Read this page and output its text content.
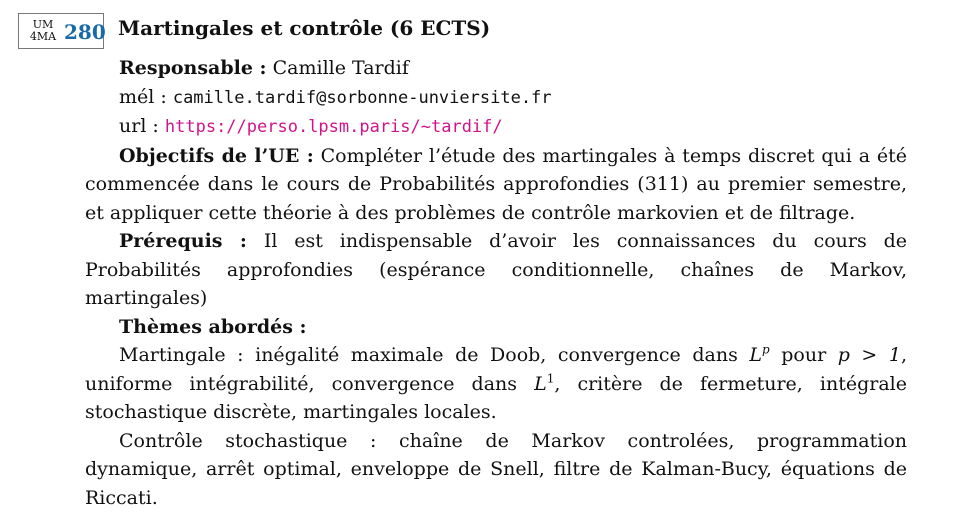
UM
4MA 280 Martingales et contrôle (6 ECTS)
Responsable : Camille Tardif
mél : camille.tardif@sorbonne-unviersite.fr
url : https://perso.lpsm.paris/~tardif/
Objectifs de l’UE : Compléter l’étude des martingales à temps discret qui a été commencée dans le cours de Probabilités approfondies (311) au premier semestre, et appliquer cette théorie à des problèmes de contrôle markovien et de filtrage.
Prérequis : Il est indispensable d’avoir les connaissances du cours de Probabilités approfondies (espérance conditionnelle, chaînes de Markov, martingales)
Thèmes abordés :
Martingale : inégalité maximale de Doob, convergence dans $L^p$ pour p > 1, uniforme intégrabilité, convergence dans $L^1$, critère de fermeture, intégrale stochastique discrète, martingales locales.
Contrôle stochastique : chaîne de Markov controlées, programmation dynamique, arrêt optimal, enveloppe de Snell, filtre de Kalman-Bucy, équations de Riccati.
